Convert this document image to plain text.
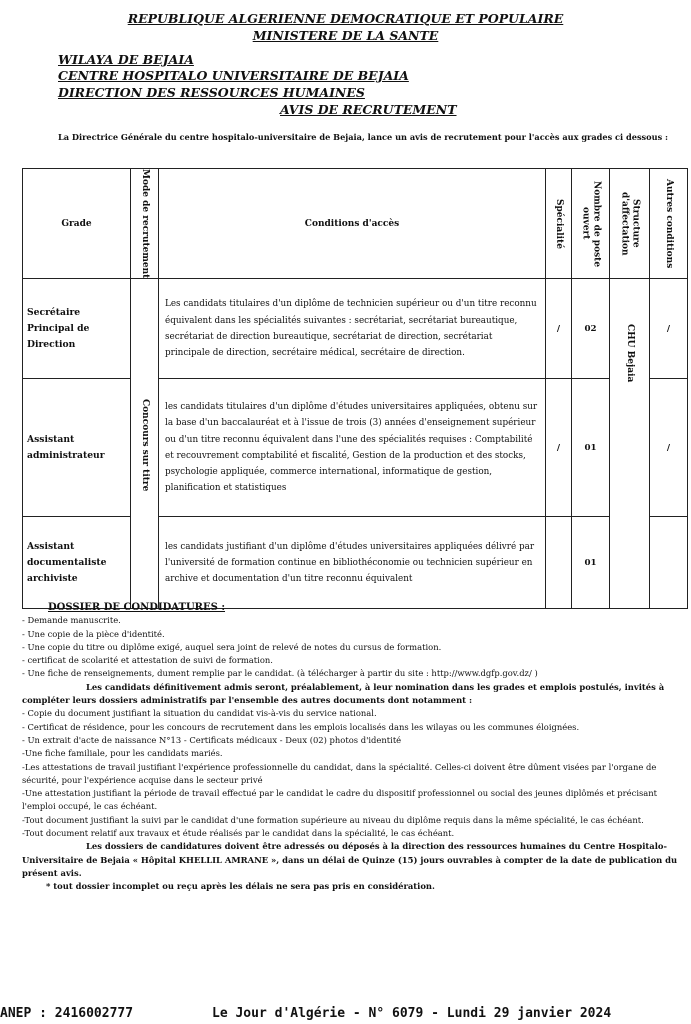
REPUBLIQUE ALGERIENNE DEMOCRATIQUE ET POPULAIRE
MINISTERE DE LA SANTE
WILAYA DE BEJAIA
CENTRE HOSPITALO UNIVERSITAIRE DE BEJAIA
DIRECTION DES RESSOURCES HUMAINES
AVIS DE RECRUTEMENT
La Directrice Générale du centre hospitalo-universitaire de Bejaia, lance un avis de recrutement pour l'accès aux grades ci dessous :
Grade	Mode de recrutement	Conditions d'accès	Spécialité	Nombre de poste ouvert	Structure d'affectation	Autres conditions

Secrétaire Principal de Direction	Concours sur titre	Les candidats titulaires d'un diplôme de technicien supérieur ou d'un titre reconnu équivalent dans les spécialités suivantes : secrétariat, secrétariat bureautique, secrétariat de direction bureautique, secrétariat de direction, secrétariat principale de direction, secrétaire médical, secrétaire de direction.	/	02	CHU Bejaia	/
Assistant administrateur		les candidats titulaires d'un diplôme d'études universitaires appliquées, obtenu sur la base d'un baccalauréat et à l'issue de trois (3) années d'enseignement supérieur ou d'un titre reconnu équivalent dans l'une des spécialités requises : Comptabilité et recouvrement comptabilité et fiscalité, Gestion de la production et des stocks, psychologie appliquée, commerce international, informatique de gestion, planification et statistiques	/	01		/
Assistant documentaliste archiviste		les candidats justifiant d'un diplôme d'études universitaires appliquées délivré par l'université de formation continue en bibliothéconomie ou technicien supérieur en archive et documentation d'un titre reconnu équivalent		01		
DOSSIER DE CONDIDATURES :
- Demande manuscrite.
- Une copie de la pièce d'identité.
- Une copie du titre ou diplôme exigé, auquel sera joint de relevé de notes du cursus de formation.
- certificat de scolarité et attestation de suivi de formation.
- Une fiche de renseignements, dument remplie par le candidat. (à télécharger à partir du site : http://www.dgfp.gov.dz/ )
Les candidats définitivement admis seront, préalablement, à leur nomination dans les grades et emplois postulés, invités à compléter leurs dossiers administratifs par l'ensemble des autres documents dont notamment :
- Copie du document justifiant la situation du candidat vis-à-vis du service national.
- Certificat de résidence, pour les concours de recrutement dans les emplois localisés dans les wilayas ou les communes éloignées.
- Un extrait d'acte de naissance N°13 - Certificats médicaux - Deux (02) photos d'identité
-Une fiche familiale, pour les candidats mariés.
-Les attestations de travail justifiant l'expérience professionnelle du candidat, dans la spécialité. Celles-ci doivent être dûment visées par l'organe de sécurité, pour l'expérience acquise dans le secteur privé
-Une attestation justifiant la période de travail effectué par le candidat le cadre du dispositif professionnel ou social des jeunes diplômés et précisant l'emploi occupé, le cas échéant.
-Tout document justifiant la suivi par le candidat d'une formation supérieure au niveau du diplôme requis dans la même spécialité, le cas échéant.
-Tout document relatif aux travaux et étude réalisés par le candidat dans la spécialité, le cas échéant.
Les dossiers de candidatures doivent être adressés ou déposés à la direction des ressources humaines du Centre Hospitalo-Universitaire de Bejaia « Hôpital KHELLIL AMRANE », dans un délai de Quinze (15) jours ouvrables à compter de la date de publication du présent avis.
* tout dossier incomplet ou reçu après les délais ne sera pas pris en considération.
ANEP : 2416002777	Le Jour d'Algérie - N° 6079 - Lundi 29 janvier 2024
